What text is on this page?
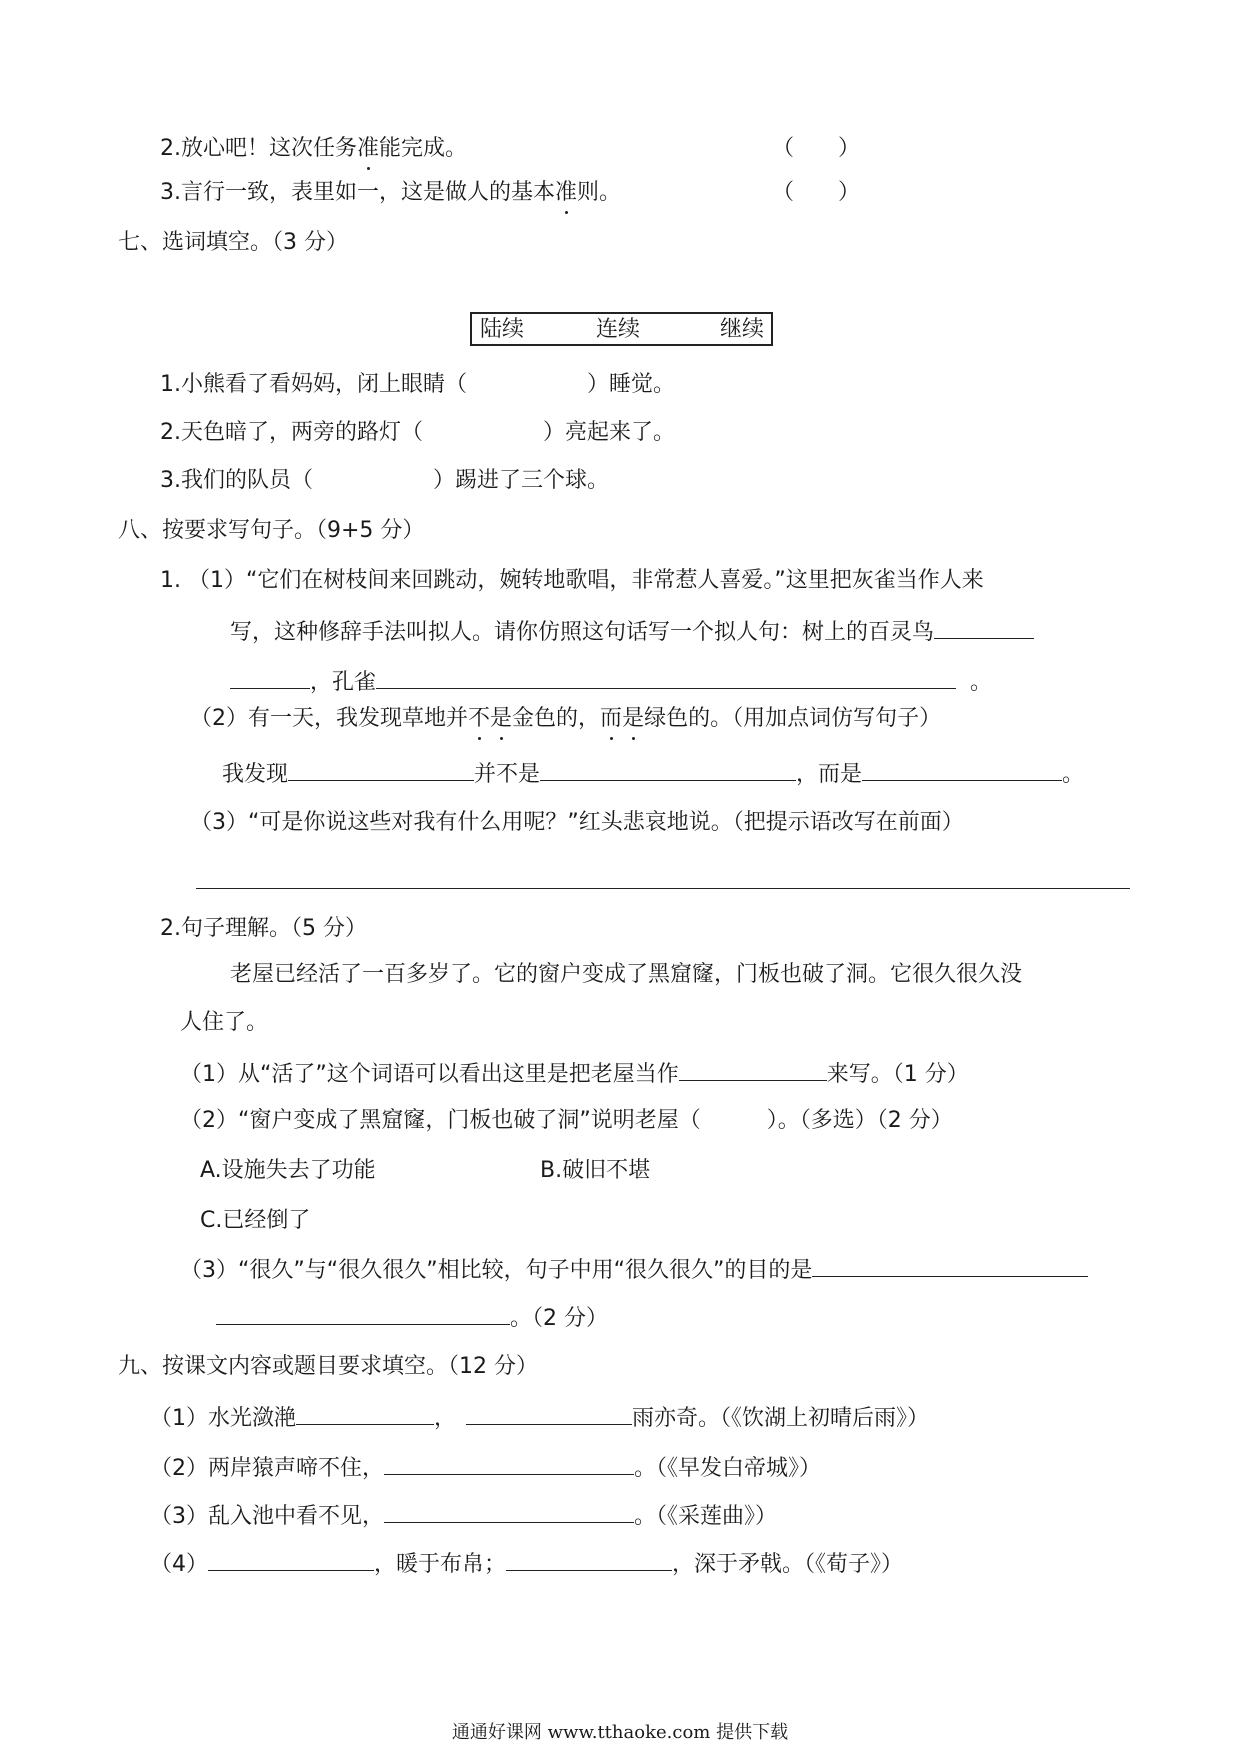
2.放心吧！这次任务准能完成。	（　　）
3.言行一致，表里如一，这是做人的基本准则。	（　　）
七、选词填空。（3 分）
陆续	连续	继续
1.小熊看了看妈妈，闭上眼睛（	）睡觉。
2.天色暗了，两旁的路灯（	）亮起来了。
3.我们的队员（	）踢进了三个球。
八、按要求写句子。（9+5 分）
1. （1）“它们在树枝间来回跳动，婉转地歌唱，非常惹人喜爱。”这里把灰雀当作人来
写，这种修辞手法叫拟人。请你仿照这句话写一个拟人句：树上的百灵鸟
，孔雀	。
（2）有一天，我发现草地并不是金色的，而是绿色的。（用加点词仿写句子）
我发现	并不是	，而是	。
（3）“可是你说这些对我有什么用呢？”红头悲哀地说。（把提示语改写在前面）
2.句子理解。（5 分）
老屋已经活了一百多岁了。它的窗户变成了黑窟窿，门板也破了洞。它很久很久没
人住了。
（1）从“活了”这个词语可以看出这里是把老屋当作	来写。（1 分）
（2）“窗户变成了黑窟窿，门板也破了洞”说明老屋（　　　）。（多选）（2 分）
A.设施失去了功能	B.破旧不堪
C.已经倒了
（3）“很久”与“很久很久”相比较，句子中用“很久很久”的目的是
。（2 分）
九、按课文内容或题目要求填空。（12 分）
（1）水光潋滟	，	雨亦奇。（《饮湖上初晴后雨》）
（2）两岸猿声啼不住，	。（《早发白帝城》）
（3）乱入池中看不见，	。（《采莲曲》）
（4）	，暖于布帛；	，深于矛戟。（《荀子》）
通通好课网 www.tthaoke.com 提供下载
